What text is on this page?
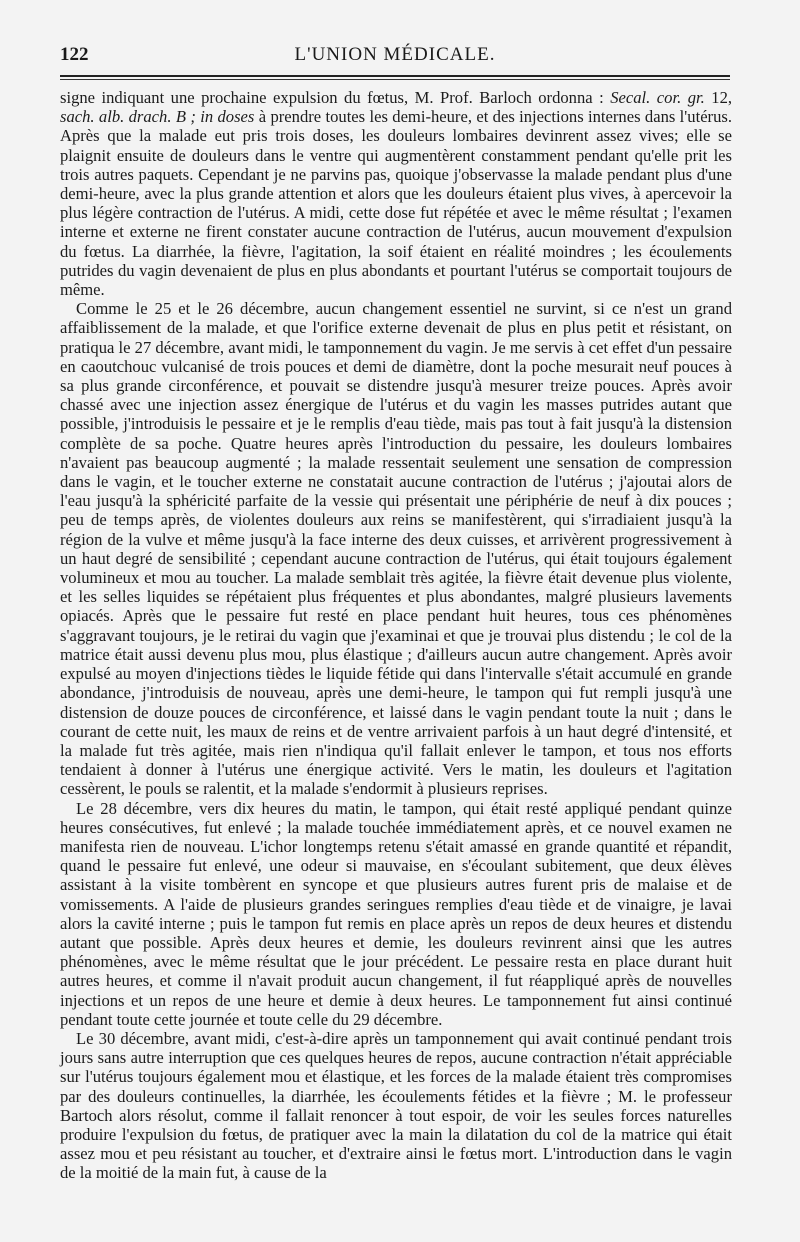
122	L'UNION MÉDICALE.

signe indiquant une prochaine expulsion du fœtus, M. Prof. Barloch ordonna : Secal. cor. gr. 12, sach. alb. drach. B ; in doses à prendre toutes les demi-heure, et des injections internes dans l'utérus. Après que la malade eut pris trois doses, les douleurs lombaires devinrent assez vives; elle se plaignit ensuite de douleurs dans le ventre qui augmentèrent constamment pendant qu'elle prit les trois autres paquets. Cependant je ne parvins pas, quoique j'observasse la malade pendant plus d'une demi-heure, avec la plus grande attention et alors que les douleurs étaient plus vives, à apercevoir la plus légère contraction de l'utérus. A midi, cette dose fut répétée et avec le même résultat ; l'examen interne et externe ne firent constater aucune contraction de l'utérus, aucun mouvement d'expulsion du fœtus. La diarrhée, la fièvre, l'agitation, la soif étaient en réalité moindres ; les écoulements putrides du vagin devenaient de plus en plus abondants et pourtant l'utérus se comportait toujours de même.

Comme le 25 et le 26 décembre, aucun changement essentiel ne survint, si ce n'est un grand affaiblissement de la malade, et que l'orifice externe devenait de plus en plus petit et résistant, on pratiqua le 27 décembre, avant midi, le tamponnement du vagin. Je me servis à cet effet d'un pessaire en caoutchouc vulcanisé de trois pouces et demi de diamètre, dont la poche mesurait neuf pouces à sa plus grande circonférence, et pouvait se distendre jusqu'à mesurer treize pouces. Après avoir chassé avec une injection assez énergique de l'utérus et du vagin les masses putrides autant que possible, j'introduisis le pessaire et je le remplis d'eau tiède, mais pas tout à fait jusqu'à la distension complète de sa poche. Quatre heures après l'introduction du pessaire, les douleurs lombaires n'avaient pas beaucoup augmenté ; la malade ressentait seulement une sensation de compression dans le vagin, et le toucher externe ne constatait aucune contraction de l'utérus ; j'ajoutai alors de l'eau jusqu'à la sphéricité parfaite de la vessie qui présentait une périphérie de neuf à dix pouces ; peu de temps après, de violentes douleurs aux reins se manifestèrent, qui s'irradiaient jusqu'à la région de la vulve et même jusqu'à la face interne des deux cuisses, et arrivèrent progressivement à un haut degré de sensibilité ; cependant aucune contraction de l'utérus, qui était toujours également volumineux et mou au toucher. La malade semblait très agitée, la fièvre était devenue plus violente, et les selles liquides se répétaient plus fréquentes et plus abondantes, malgré plusieurs lavements opiacés. Après que le pessaire fut resté en place pendant huit heures, tous ces phénomènes s'aggravant toujours, je le retirai du vagin que j'examinai et que je trouvai plus distendu ; le col de la matrice était aussi devenu plus mou, plus élastique ; d'ailleurs aucun autre changement. Après avoir expulsé au moyen d'injections tièdes le liquide fétide qui dans l'intervalle s'était accumulé en grande abondance, j'introduisis de nouveau, après une demi-heure, le tampon qui fut rempli jusqu'à une distension de douze pouces de circonférence, et laissé dans le vagin pendant toute la nuit ; dans le courant de cette nuit, les maux de reins et de ventre arrivaient parfois à un haut degré d'intensité, et la malade fut très agitée, mais rien n'indiqua qu'il fallait enlever le tampon, et tous nos efforts tendaient à donner à l'utérus une énergique activité. Vers le matin, les douleurs et l'agitation cessèrent, le pouls se ralentit, et la malade s'endormit à plusieurs reprises.

Le 28 décembre, vers dix heures du matin, le tampon, qui était resté appliqué pendant quinze heures consécutives, fut enlevé ; la malade touchée immédiatement après, et ce nouvel examen ne manifesta rien de nouveau. L'ichor longtemps retenu s'était amassé en grande quantité et répandit, quand le pessaire fut enlevé, une odeur si mauvaise, en s'écoulant subitement, que deux élèves assistant à la visite tombèrent en syncope et que plusieurs autres furent pris de malaise et de vomissements. A l'aide de plusieurs grandes seringues remplies d'eau tiède et de vinaigre, je lavai alors la cavité interne ; puis le tampon fut remis en place après un repos de deux heures et distendu autant que possible. Après deux heures et demie, les douleurs revinrent ainsi que les autres phénomènes, avec le même résultat que le jour précédent. Le pessaire resta en place durant huit autres heures, et comme il n'avait produit aucun changement, il fut réappliqué après de nouvelles injections et un repos de une heure et demie à deux heures. Le tamponnement fut ainsi continué pendant toute cette journée et toute celle du 29 décembre.

Le 30 décembre, avant midi, c'est-à-dire après un tamponnement qui avait continué pendant trois jours sans autre interruption que ces quelques heures de repos, aucune contraction n'était appréciable sur l'utérus toujours également mou et élastique, et les forces de la malade étaient très compromises par des douleurs continuelles, la diarrhée, les écoulements fétides et la fièvre ; M. le professeur Bartoch alors résolut, comme il fallait renoncer à tout espoir, de voir les seules forces naturelles produire l'expulsion du fœtus, de pratiquer avec la main la dilatation du col de la matrice qui était assez mou et peu résistant au toucher, et d'extraire ainsi le fœtus mort. L'introduction dans le vagin de la moitié de la main fut, à cause de la
